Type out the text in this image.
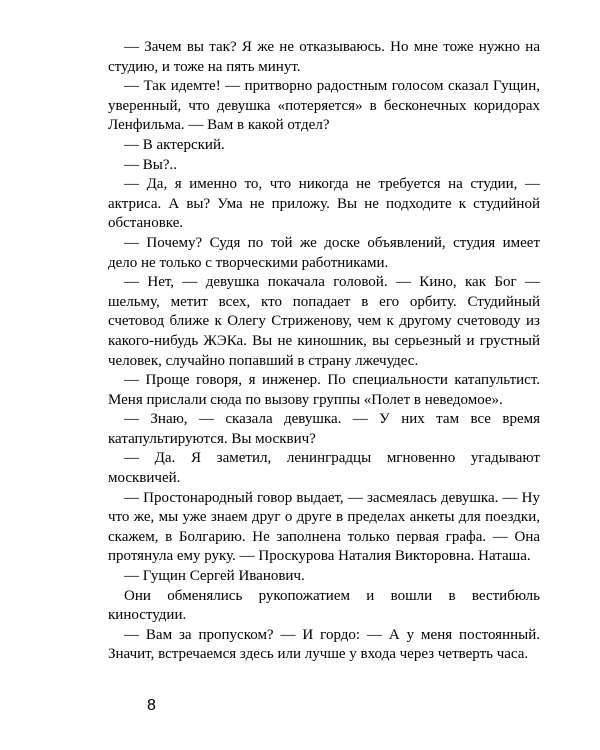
— Зачем вы так? Я же не отказываюсь. Но мне тоже нужно на студию, и тоже на пять минут.

— Так идемте! — притворно радостным голосом сказал Гущин, уверенный, что девушка «потеряется» в бесконечных коридорах Ленфильма. — Вам в какой отдел?

— В актерский.

— Вы?..

— Да, я именно то, что никогда не требуется на студии, — актриса. А вы? Ума не приложу. Вы не подходите к студийной обстановке.

— Почему? Судя по той же доске объявлений, студия имеет дело не только с творческими работниками.

— Нет, — девушка покачала головой. — Кино, как Бог — шельму, метит всех, кто попадает в его орбиту. Студийный счетовод ближе к Олегу Стриженову, чем к другому счетоводу из какого-нибудь ЖЭКа. Вы не киношник, вы серьезный и грустный человек, случайно попавший в страну лжечудес.

— Проще говоря, я инженер. По специальности катапультист. Меня прислали сюда по вызову группы «Полет в неведомое».

— Знаю, — сказала девушка. — У них там все время катапультируются. Вы москвич?

— Да. Я заметил, ленинградцы мгновенно угадывают москвичей.

— Простонародный говор выдает, — засмеялась девушка. — Ну что же, мы уже знаем друг о друге в пределах анкеты для поездки, скажем, в Болгарию. Не заполнена только первая графа. — Она протянула ему руку. — Проскурова Наталия Викторовна. Наташа.

— Гущин Сергей Иванович.

Они обменялись рукопожатием и вошли в вестибюль киностудии.

— Вам за пропуском? — И гордо: — А у меня постоянный. Значит, встречаемся здесь или лучше у входа через четверть часа.

8
